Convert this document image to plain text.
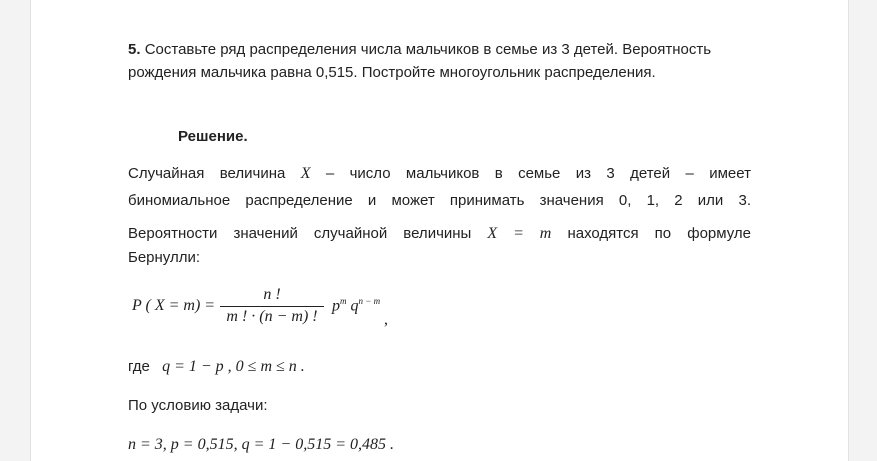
5. Составьте ряд распределения числа мальчиков в семье из 3 детей. Вероятность рождения мальчика равна 0,515. Постройте многоугольник распределения.
Решение.
Случайная величина X – число мальчиков в семье из 3 детей – имеет
биномиальное распределение и может принимать значения 0, 1, 2 или 3.
Вероятности значений случайной величины X = m находятся по формуле
Бернулли:
P ( X = m) =
n !
m ! · (n − m) !
$p^m$ $q^{n - m}$
,
где q = 1 − p , 0 ≤ m ≤ n .
По условию задачи:
n = 3, p = 0,515, q = 1 − 0,515 = 0,485 .
